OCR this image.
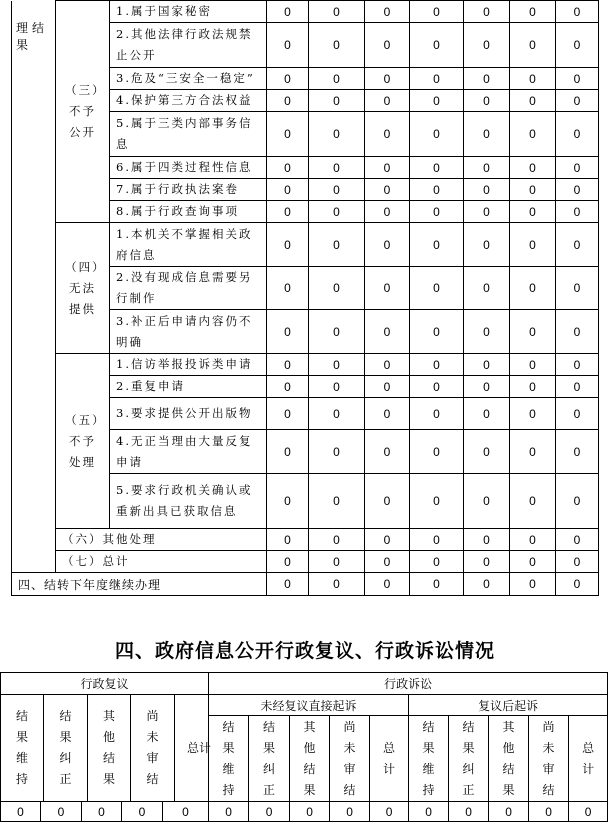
理结果	（三）不予公开	1.属于国家秘密	0	0	0	0	0	0	0
		2.其他法律行政法规禁止公开	0	0	0	0	0	0	0
		3.危及“三安全一稳定”	0	0	0	0	0	0	0
		4.保护第三方合法权益	0	0	0	0	0	0	0
		5.属于三类内部事务信息	0	0	0	0	0	0	0
		6.属于四类过程性信息	0	0	0	0	0	0	0
		7.属于行政执法案卷	0	0	0	0	0	0	0
		8.属于行政查询事项	0	0	0	0	0	0	0
	（四）无法提供	1.本机关不掌握相关政府信息	0	0	0	0	0	0	0
		2.没有现成信息需要另行制作	0	0	0	0	0	0	0
		3.补正后申请内容仍不明确	0	0	0	0	0	0	0
	（五）不予处理	1.信访举报投诉类申请	0	0	0	0	0	0	0
		2.重复申请	0	0	0	0	0	0	0
		3.要求提供公开出版物	0	0	0	0	0	0	0
		4.无正当理由大量反复申请	0	0	0	0	0	0	0
		5.要求行政机关确认或重新出具已获取信息	0	0	0	0	0	0	0
	（六）其他处理		0	0	0	0	0	0	0
	（七）总计		0	0	0	0	0	0	0
四、结转下年度继续办理			0	0	0	0	0	0	0
四、政府信息公开行政复议、行政诉讼情况
行政复议	行政诉讼

结果维持	结果纠正	其他结果	尚未审结	总计
	未经复议直接起诉	复议后起诉
结果维持	结果纠正	其他结果	尚未审结	总计	结果维持	结果纠正	其他结果	尚未审结	总计
0	0	0	0	0	0	0	0	0	0	0	0	0	0	0
